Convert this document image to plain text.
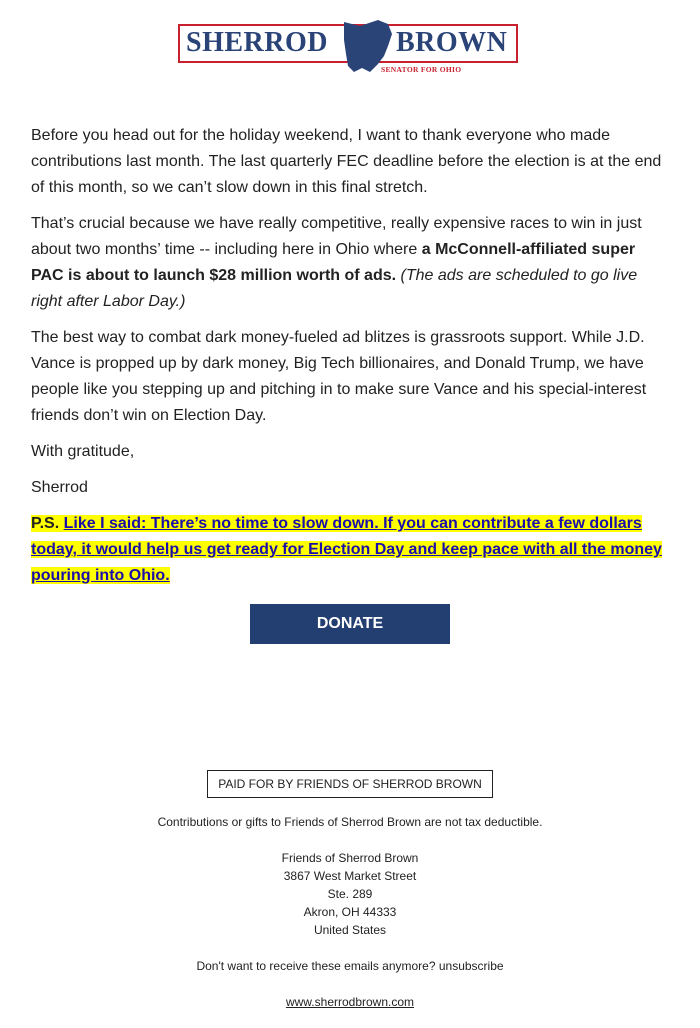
SHERROD BROWN
SENATOR FOR OHIO

Before you head out for the holiday weekend, I want to thank everyone who made contributions last month. The last quarterly FEC deadline before the election is at the end of this month, so we can’t slow down in this final stretch.

That’s crucial because we have really competitive, really expensive races to win in just about two months’ time -- including here in Ohio where a McConnell-affiliated super PAC is about to launch $28 million worth of ads. (The ads are scheduled to go live right after Labor Day.)

The best way to combat dark money-fueled ad blitzes is grassroots support. While J.D. Vance is propped up by dark money, Big Tech billionaires, and Donald Trump, we have people like you stepping up and pitching in to make sure Vance and his special-interest friends don’t win on Election Day.

With gratitude,

Sherrod

P.S. Like I said: There’s no time to slow down. If you can contribute a few dollars today, it would help us get ready for Election Day and keep pace with all the money pouring into Ohio.

DONATE
PAID FOR BY FRIENDS OF SHERROD BROWN

Contributions or gifts to Friends of Sherrod Brown are not tax deductible.

Friends of Sherrod Brown

3867 West Market Street

Ste. 289

Akron, OH 44333

United States

Don't want to receive these emails anymore? unsubscribe

www.sherrodbrown.com
